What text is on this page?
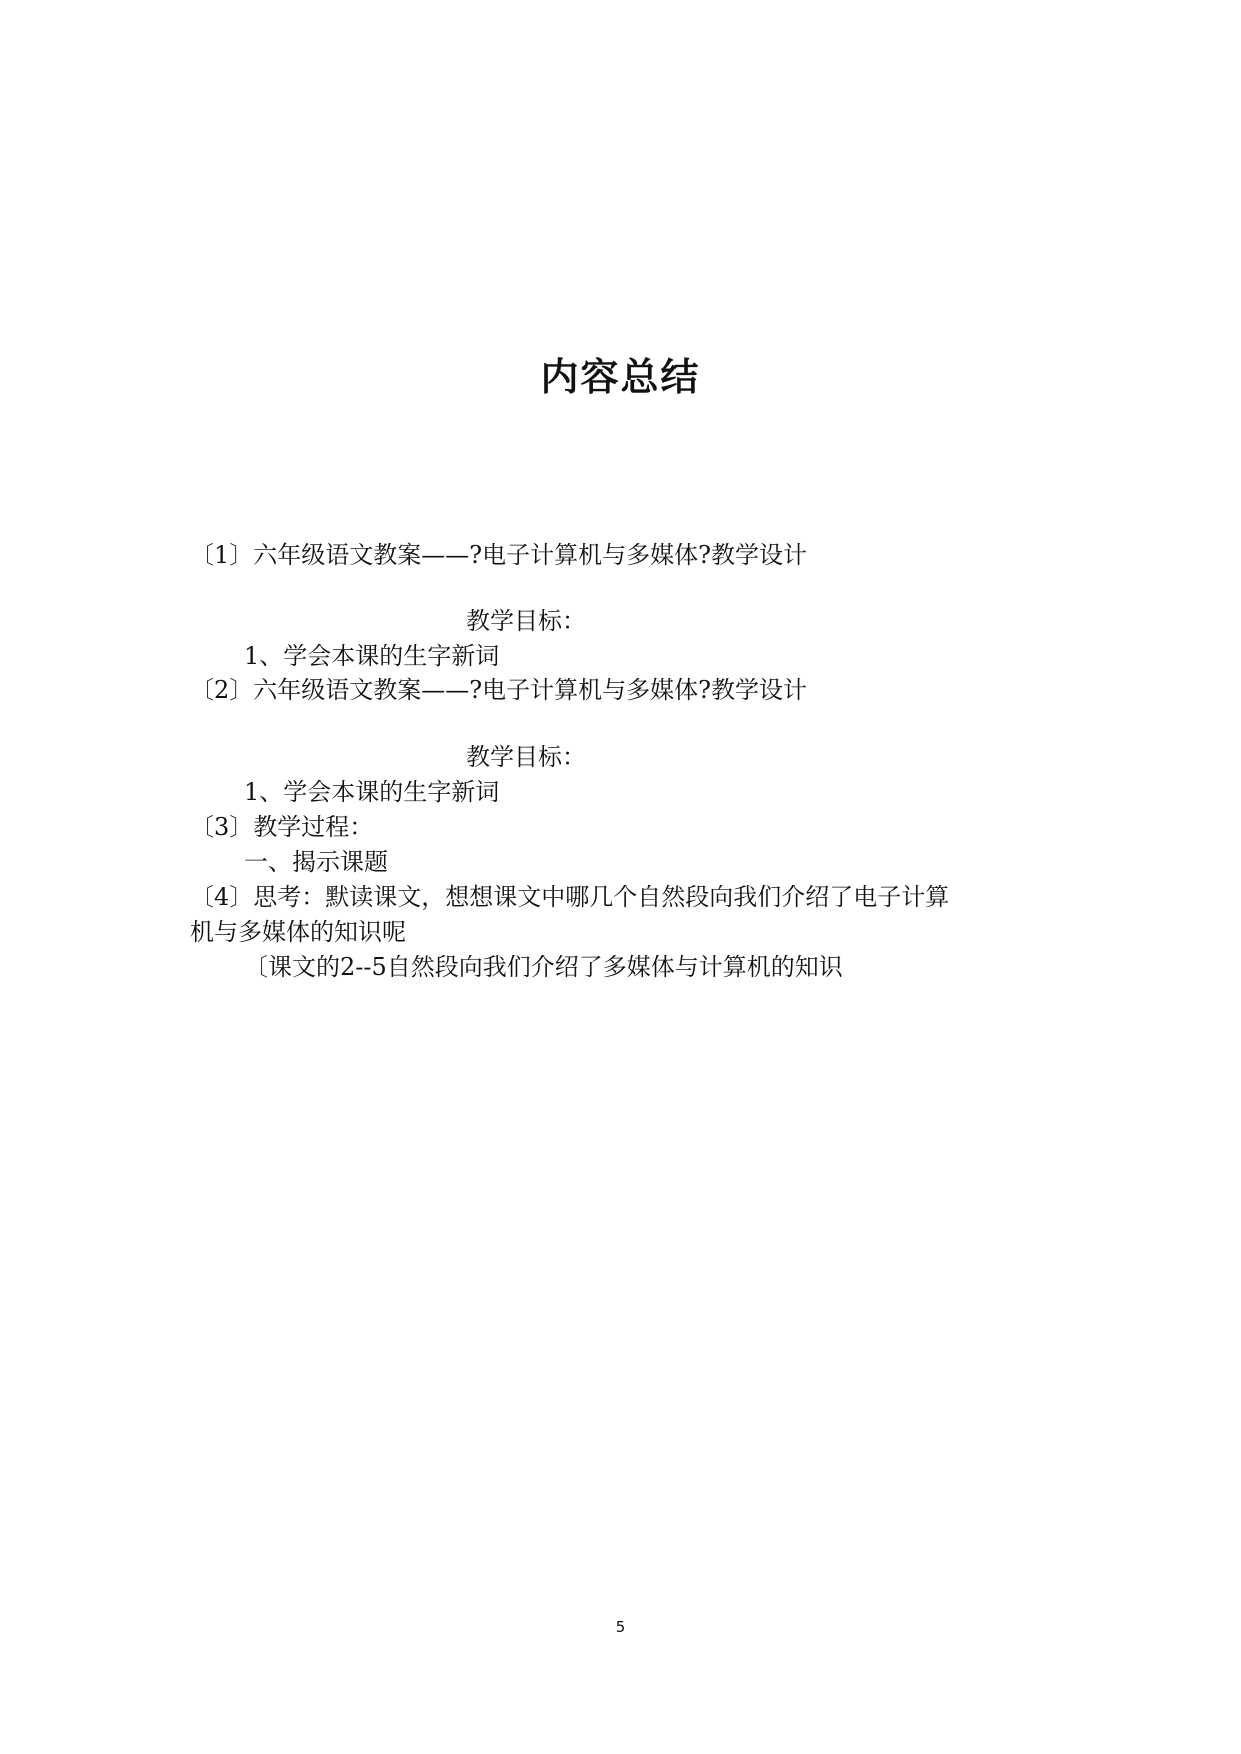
内容总结
〔1〕六年级语文教案——?电子计算机与多媒体?教学设计
教学目标：
1、学会本课的生字新词
〔2〕六年级语文教案——?电子计算机与多媒体?教学设计
教学目标：
1、学会本课的生字新词
〔3〕教学过程：
一、揭示课题
〔4〕思考：默读课文，想想课文中哪几个自然段向我们介绍了电子计算
机与多媒体的知识呢
〔课文的2--5自然段向我们介绍了多媒体与计算机的知识
5
